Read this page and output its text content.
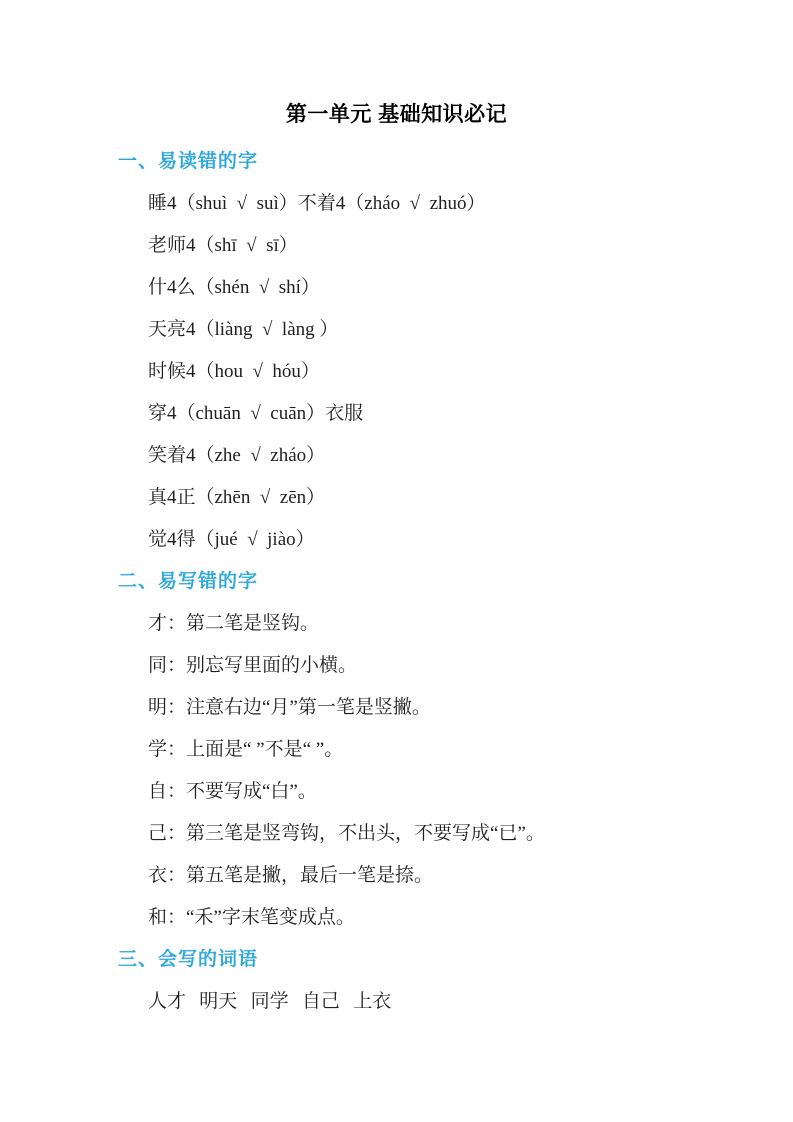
第一单元 基础知识必记
一、易读错的字

睡4（shuì  √  suì）不着4（zháo  √  zhuó）

老师4（shī  √  sī）

什4么（shén  √  shí）

天亮4（liàng  √  làng ）

时候4（hou  √  hóu）

穿4（chuān  √  cuān）衣服

笑着4（zhe  √  zháo）

真4正（zhēn  √  zēn）

觉4得（jué  √  jiào）

二、易写错的字

才：第二笔是竖钩。

同：别忘写里面的小横。

明：注意右边“月”第一笔是竖撇。

学：上面是“ ”不是“ ”。

自：不要写成“白”。

己：第三笔是竖弯钩，不出头，不要写成“已”。

衣：第五笔是撇，最后一笔是捺。

和：“禾”字末笔变成点。

三、会写的词语

人才 明天 同学 自己 上衣
